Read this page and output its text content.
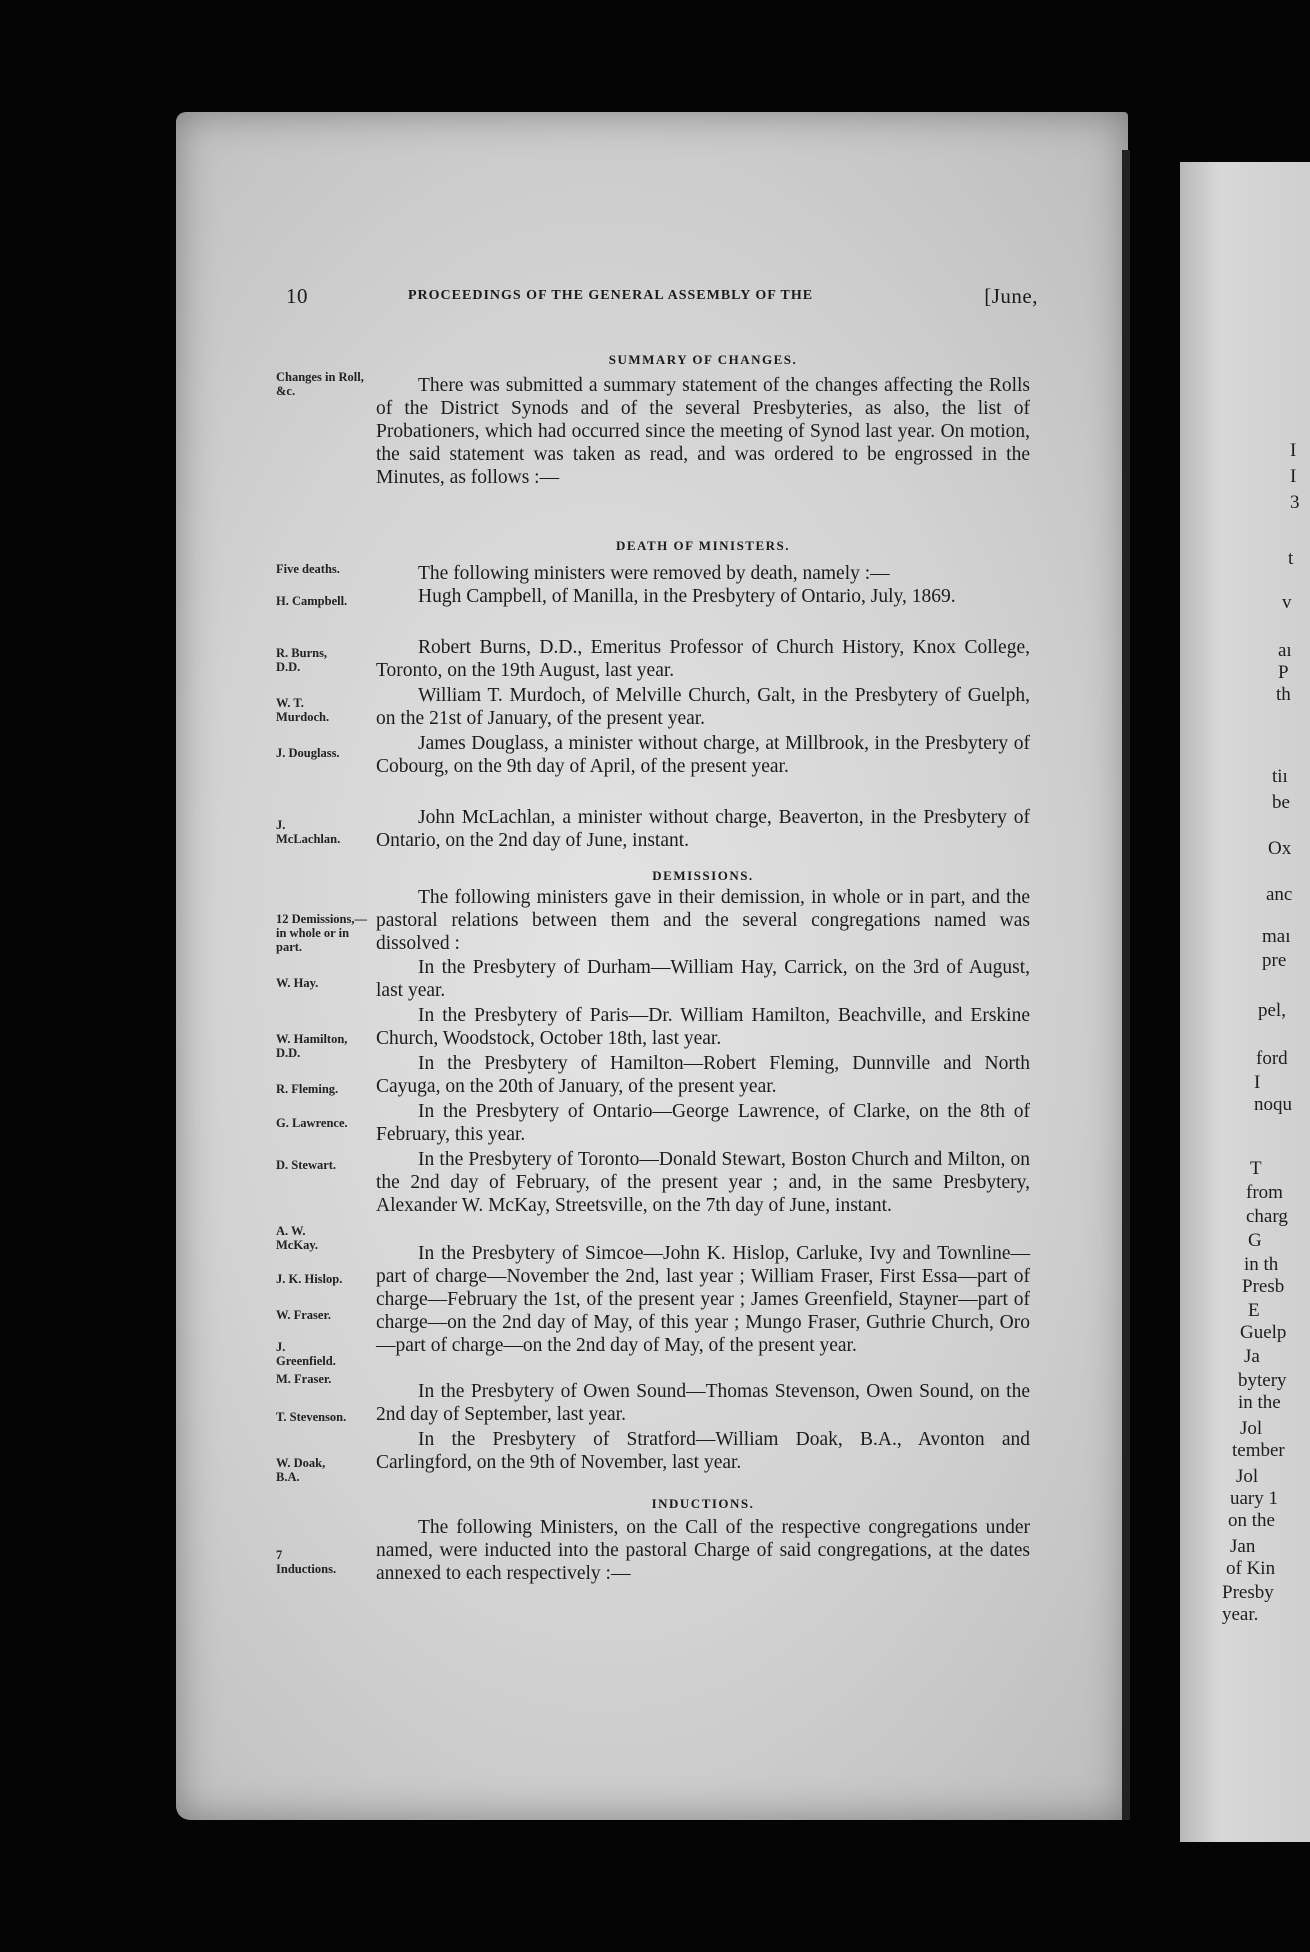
I
I
3
t
v
aı
P
th
tiı
be
Ox
anc
maı
pre
pel,
ford
I
noqu
T
from
charg
G
in th
Presb
E
Guelp
Ja
bytery
in the
Jol
tember
Jol
uary 1
on the
Jan
of Kin
Presby
year.
10	PROCEEDINGS OF THE GENERAL ASSEMBLY OF THE	[June,
SUMMARY OF CHANGES.
Changes in Roll, &c.	There was submitted a summary statement of the changes affecting the Rolls of the District Synods and of the several Presbyteries, as also, the list of Probationers, which had occurred since the meeting of Synod last year. On motion, the said statement was taken as read, and was ordered to be engrossed in the Minutes, as follows :—

DEATH OF MINISTERS.
Five deaths.	The following ministers were removed by death, namely :—

H. Campbell.	Hugh Campbell, of Manilla, in the Presbytery of Ontario, July, 1869.

R. Burns, D.D.

Robert Burns, D.D., Emeritus Professor of Church History, Knox College, Toronto, on the 19th August, last year.

W. T. Murdoch.

William T. Murdoch, of Melville Church, Galt, in the Presbytery of Guelph, on the 21st of January, of the present year.

J. Douglass.	James Douglass, a minister without charge, at Millbrook, in the Presbytery of Cobourg, on the 9th day of April, of the present year.

J. McLachlan.

John McLachlan, a minister without charge, Beaverton, in the Presbytery of Ontario, on the 2nd day of June, instant.

DEMISSIONS.
12 Demissions,—in whole or in part.

The following ministers gave in their demission, in whole or in part, and the pastoral relations between them and the several congregations named was dissolved :

W. Hay.

In the Presbytery of Durham—William Hay, Carrick, on the 3rd of August, last year.

W. Hamilton, D.D.

In the Presbytery of Paris—Dr. William Hamilton, Beachville, and Erskine Church, Woodstock, October 18th, last year.

R. Fleming.

In the Presbytery of Hamilton—Robert Fleming, Dunnville and North Cayuga, on the 20th of January, of the present year.

G. Lawrence.

In the Presbytery of Ontario—George Lawrence, of Clarke, on the 8th of February, this year.

D. Stewart.	In the Presbytery of Toronto—Donald Stewart, Boston Church and Milton, on the 2nd day of February, of the present year ; and, in the same Presbytery, Alexander W. McKay, Streetsville, on the 7th day of June, instant.

A. W. McKay.
J. K. Hislop.

In the Presbytery of Simcoe—John K. Hislop, Carluke, Ivy and Townline—part of charge—November the 2nd, last year ; William Fraser, First Essa—part of charge—February the 1st, of the present year ; James Greenfield, Stayner—part of charge—on the 2nd day of May, of this year ; Mungo Fraser, Guthrie Church, Oro—part of charge—on the 2nd day of May, of the present year.

W. Fraser.
J. Greenfield.
M. Fraser.
T. Stevenson.

In the Presbytery of Owen Sound—Thomas Stevenson, Owen Sound, on the 2nd day of September, last year.

W. Doak, B.A.

In the Presbytery of Stratford—William Doak, B.A., Avonton and Carlingford, on the 9th of November, last year.

INDUCTIONS.
7 Inductions.

The following Ministers, on the Call of the respective congregations under named, were inducted into the pastoral Charge of said congregations, at the dates annexed to each respectively :—
